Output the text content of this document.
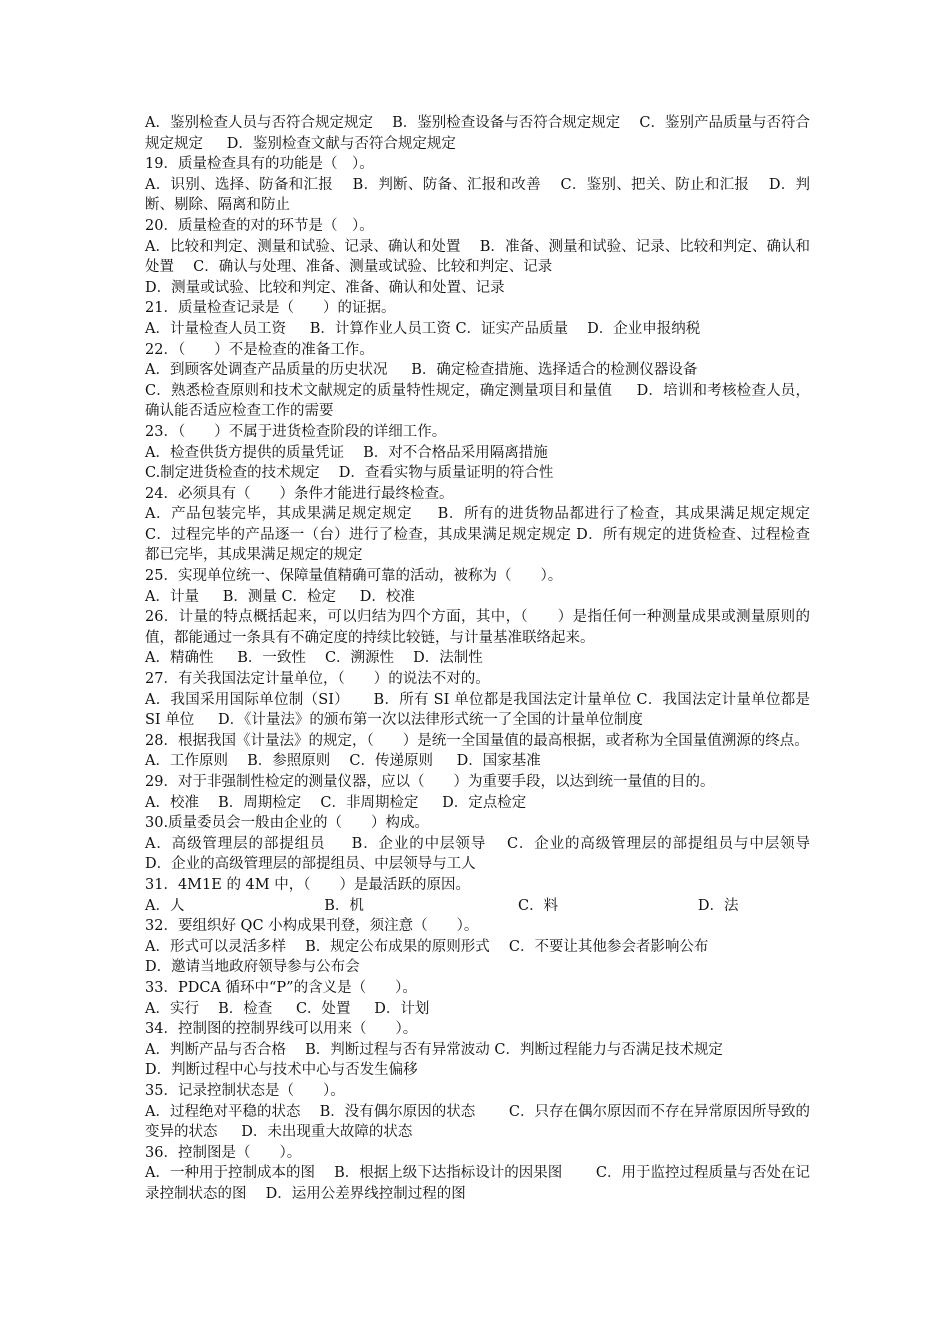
A．鉴别检查人员与否符合规定规定 　B．鉴别检查设备与否符合规定规定 　C．鉴别产品质量与否符合规定规定 　 D．鉴别检查文献与否符合规定规定

19．质量检查具有的功能是（　）。

A．识别、选择、防备和汇报 　B．判断、防备、汇报和改善 　C．鉴别、把关、防止和汇报 　D．判断、剔除、隔离和防止

20．质量检查的对的环节是（　）。

A．比较和判定、测量和试验、记录、确认和处置 　B．准备、测量和试验、记录、比较和判定、确认和处置 　C．确认与处理、准备、测量或试验、比较和判定、记录

D．测量或试验、比较和判定、准备、确认和处置、记录

21．质量检查记录是（　　）的证据。

A．计量检查人员工资 　 B．计算作业人员工资 C．证实产品质量 　D．企业申报纳税

22．（　　）不是检查的准备工作。

A．到顾客处调查产品质量的历史状况 　 B．确定检查措施、选择适合的检测仪器设备

C．熟悉检查原则和技术文献规定的质量特性规定，确定测量项目和量值 　 D．培训和考核检查人员，确认能否适应检查工作的需要

23．（　　）不属于进货检查阶段的详细工作。

A．检查供货方提供的质量凭证 　B．对不合格品采用隔离措施

C.制定进货检查的技术规定 　D．查看实物与质量证明的符合性

24．必须具有（　　）条件才能进行最终检查。

A．产品包装完毕，其成果满足规定规定 　 B．所有的进货物品都进行了检查，其成果满足规定规定 　C．过程完毕的产品逐一（台）进行了检查，其成果满足规定规定 D．所有规定的进货检查、过程检查都已完毕，其成果满足规定的规定

25．实现单位统一、保障量值精确可靠的活动，被称为（　　）。

A．计量 　 B．测量 C．检定 　 D．校准

26．计量的特点概括起来，可以归结为四个方面，其中，（　　）是指任何一种测量成果或测量原则的值，都能通过一条具有不确定度的持续比较链，与计量基准联络起来。

A．精确性 　 B．一致性 　C．溯源性 　D．法制性

27．有关我国法定计量单位，（　　）的说法不对的。

A．我国采用国际单位制（SI） 　 B．所有 SI 单位都是我国法定计量单位 C．我国法定计量单位都是 SI 单位 　 D．《计量法》的颁布第一次以法律形式统一了全国的计量单位制度

28．根据我国《计量法》的规定，（　　）是统一全国量值的最高根据，或者称为全国量值溯源的终点。

A．工作原则 　B．参照原则 　C．传递原则 　 D．国家基准

29．对于非强制性检定的测量仪器，应以（　　）为重要手段，以达到统一量值的目的。

A．校准 　B．周期检定 　C．非周期检定 　 D．定点检定

30.质量委员会一般由企业的（　　）构成。

A．高级管理层的部提组员 　 B．企业的中层领导 　C．企业的高级管理层的部提组员与中层领导 　 D．企业的高级管理层的部提组员、中层领导与工人

31．4M1E 的 4M 中，（　　）是最活跃的原因。

A．人 　　　　　　　　　 B．机 　　　　　　　　　　 C．料 　　　　　　　　　 D．法

32．要组织好 QC 小构成果刊登，须注意（　　）。

A．形式可以灵活多样 　B．规定公布成果的原则形式 　C．不要让其他参会者影响公布

D．邀请当地政府领导参与公布会

33．PDCA 循环中“P”的含义是（　　）。

A．实行 　B．检查 　 C．处置 　 D．计划

34．控制图的控制界线可以用来（　　）。

A．判断产品与否合格 　B．判断过程与否有异常波动 C．判断过程能力与否满足技术规定

D．判断过程中心与技术中心与否发生偏移

35．记录控制状态是（　　）。

A．过程绝对平稳的状态 　B．没有偶尔原因的状态 　　C．只存在偶尔原因而不存在异常原因所导致的变异的状态 　 D．未出现重大故障的状态

36．控制图是（　　）。

A．一种用于控制成本的图 　B．根据上级下达指标设计的因果图 　　C．用于监控过程质量与否处在记录控制状态的图 　D．运用公差界线控制过程的图
